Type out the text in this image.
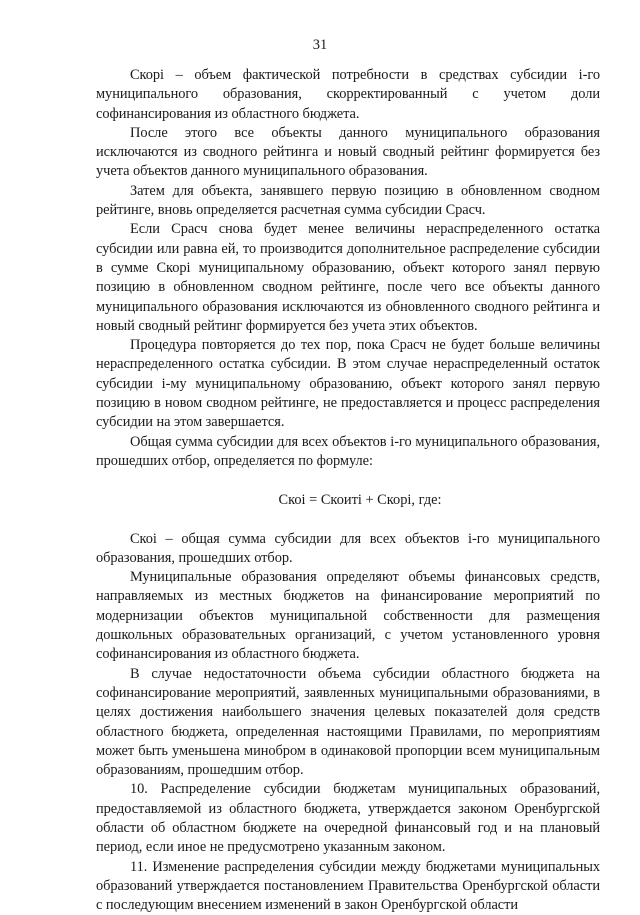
31

Скорi – объем фактической потребности в средствах субсидии i-го муниципального образования, скорректированный с учетом доли софинансирования из областного бюджета.

После этого все объекты данного муниципального образования исключаются из сводного рейтинга и новый сводный рейтинг формируется без учета объектов данного муниципального образования.

Затем для объекта, занявшего первую позицию в обновленном сводном рейтинге, вновь определяется расчетная сумма субсидии Срасч.

Если Срасч снова будет менее величины нераспределенного остатка субсидии или равна ей, то производится дополнительное распределение субсидии в сумме Скорi муниципальному образованию, объект которого занял первую позицию в обновленном сводном рейтинге, после чего все объекты данного муниципального образования исключаются из обновленного сводного рейтинга и новый сводный рейтинг формируется без учета этих объектов.

Процедура повторяется до тех пор, пока Срасч не будет больше величины нераспределенного остатка субсидии. В этом случае нераспределенный остаток субсидии i-му муниципальному образованию, объект которого занял первую позицию в новом сводном рейтинге, не предоставляется и процесс распределения субсидии на этом завершается.

Общая сумма субсидии для всех объектов i-го муниципального образования, прошедших отбор, определяется по формуле:

Скоi = Скоитi + Скорi, где:

Скоi – общая сумма субсидии для всех объектов i-го муниципального образования, прошедших отбор.

Муниципальные образования определяют объемы финансовых средств, направляемых из местных бюджетов на финансирование мероприятий по модернизации объектов муниципальной собственности для размещения дошкольных образовательных организаций, с учетом установленного уровня софинансирования из областного бюджета.

В случае недостаточности объема субсидии областного бюджета на софинансирование мероприятий, заявленных муниципальными образованиями, в целях достижения наибольшего значения целевых показателей доля средств областного бюджета, определенная настоящими Правилами, по мероприятиям может быть уменьшена минобром в одинаковой пропорции всем муниципальным образованиям, прошедшим отбор.

10. Распределение субсидии бюджетам муниципальных образований, предоставляемой из областного бюджета, утверждается законом Оренбургской области об областном бюджете на очередной финансовый год и на плановый период, если иное не предусмотрено указанным законом.

11. Изменение распределения субсидии между бюджетами муниципальных образований утверждается постановлением Правительства Оренбургской области с последующим внесением изменений в закон Оренбургской области
